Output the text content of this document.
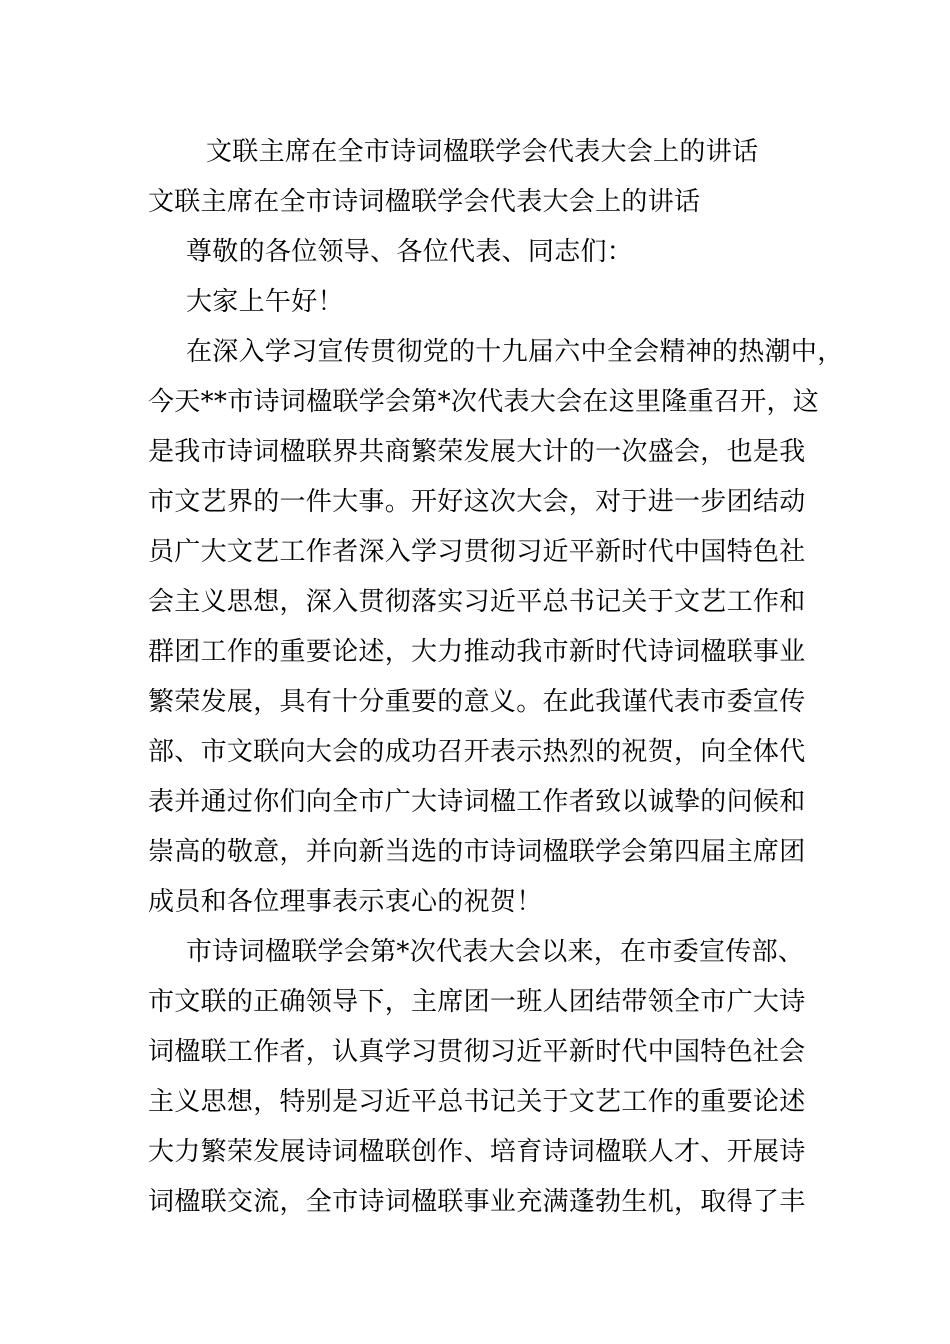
文联主席在全市诗词楹联学会代表大会上的讲话
文联主席在全市诗词楹联学会代表大会上的讲话
尊敬的各位领导、各位代表、同志们：
大家上午好！
在深入学习宣传贯彻党的十九届六中全会精神的热潮中，
今天**市诗词楹联学会第*次代表大会在这里隆重召开，这
是我市诗词楹联界共商繁荣发展大计的一次盛会，也是我
市文艺界的一件大事。开好这次大会，对于进一步团结动
员广大文艺工作者深入学习贯彻习近平新时代中国特色社
会主义思想，深入贯彻落实习近平总书记关于文艺工作和
群团工作的重要论述，大力推动我市新时代诗词楹联事业
繁荣发展，具有十分重要的意义。在此我谨代表市委宣传
部、市文联向大会的成功召开表示热烈的祝贺，向全体代
表并通过你们向全市广大诗词楹工作者致以诚挚的问候和
崇高的敬意，并向新当选的市诗词楹联学会第四届主席团
成员和各位理事表示衷心的祝贺！
市诗词楹联学会第*次代表大会以来，在市委宣传部、
市文联的正确领导下，主席团一班人团结带领全市广大诗
词楹联工作者，认真学习贯彻习近平新时代中国特色社会
主义思想，特别是习近平总书记关于文艺工作的重要论述
大力繁荣发展诗词楹联创作、培育诗词楹联人才、开展诗
词楹联交流，全市诗词楹联事业充满蓬勃生机，取得了丰
